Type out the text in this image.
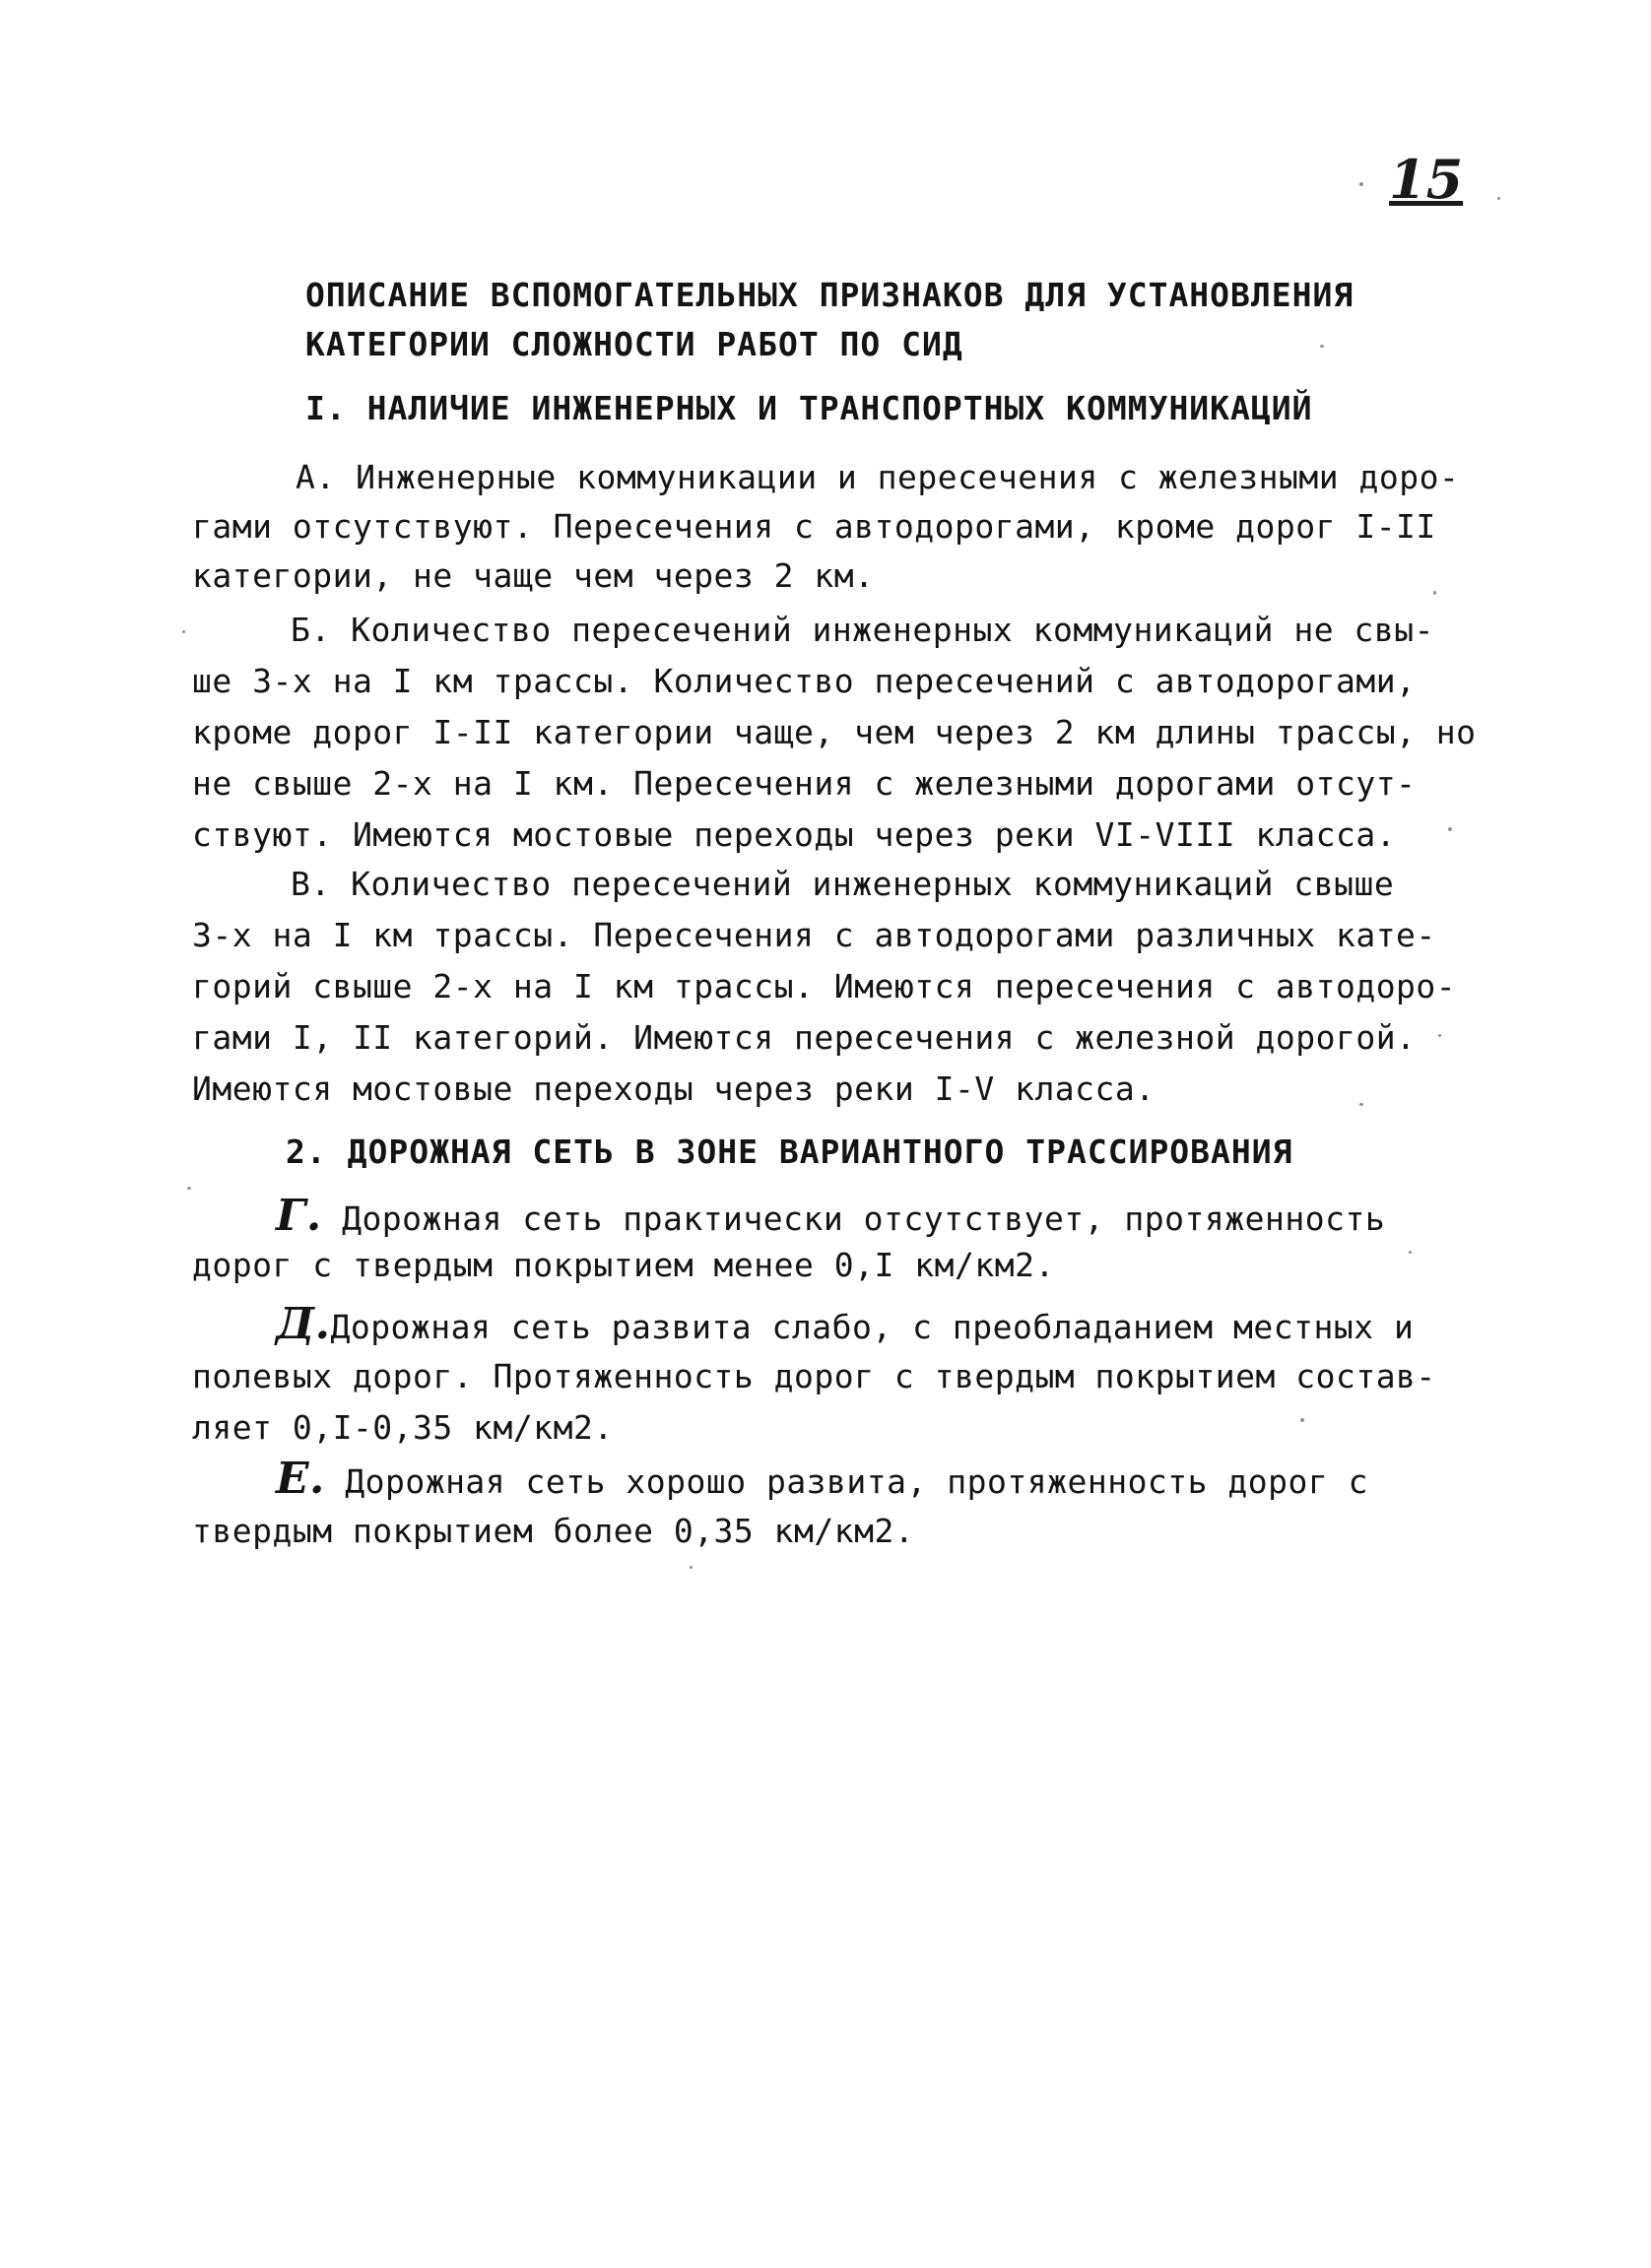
15
ОПИСАНИЕ ВСПОМОГАТЕЛЬНЫХ ПРИЗНАКОВ ДЛЯ УСТАНОВЛЕНИЯ
КАТЕГОРИИ СЛОЖНОСТИ РАБОТ ПО СИД
I. НАЛИЧИЕ ИНЖЕНЕРНЫХ И ТРАНСПОРТНЫХ КОММУНИКАЦИЙ
А. Инженерные коммуникации и пересечения с железными доро-
гами отсутствуют. Пересечения с автодорогами, кроме дорог I-II
категории, не чаще чем через 2 км.
Б. Количество пересечений инженерных коммуникаций не свы-
ше 3-х на I км трассы. Количество пересечений с автодорогами,
кроме дорог I-II категории чаще, чем через 2 км длины трассы, но
не свыше 2-х на I км. Пересечения с железными дорогами отсут-
ствуют. Имеются мостовые переходы через реки VI-VIII класса.
В. Количество пересечений инженерных коммуникаций свыше
3-х на I км трассы. Пересечения с автодорогами различных кате-
горий свыше 2-х на I км трассы. Имеются пересечения с автодоро-
гами I, II категорий. Имеются пересечения с железной дорогой.
Имеются мостовые переходы через реки I-V класса.
2. ДОРОЖНАЯ СЕТЬ В ЗОНЕ ВАРИАНТНОГО ТРАССИРОВАНИЯ
Г. Дорожная сеть практически отсутствует, протяженность
дорог с твердым покрытием менее 0,I км/км2.
Д.Дорожная сеть развита слабо, с преобладанием местных и
полевых дорог. Протяженность дорог с твердым покрытием состав-
ляет 0,I-0,35 км/км2.
Е. Дорожная сеть хорошо развита, протяженность дорог с
твердым покрытием более 0,35 км/км2.
